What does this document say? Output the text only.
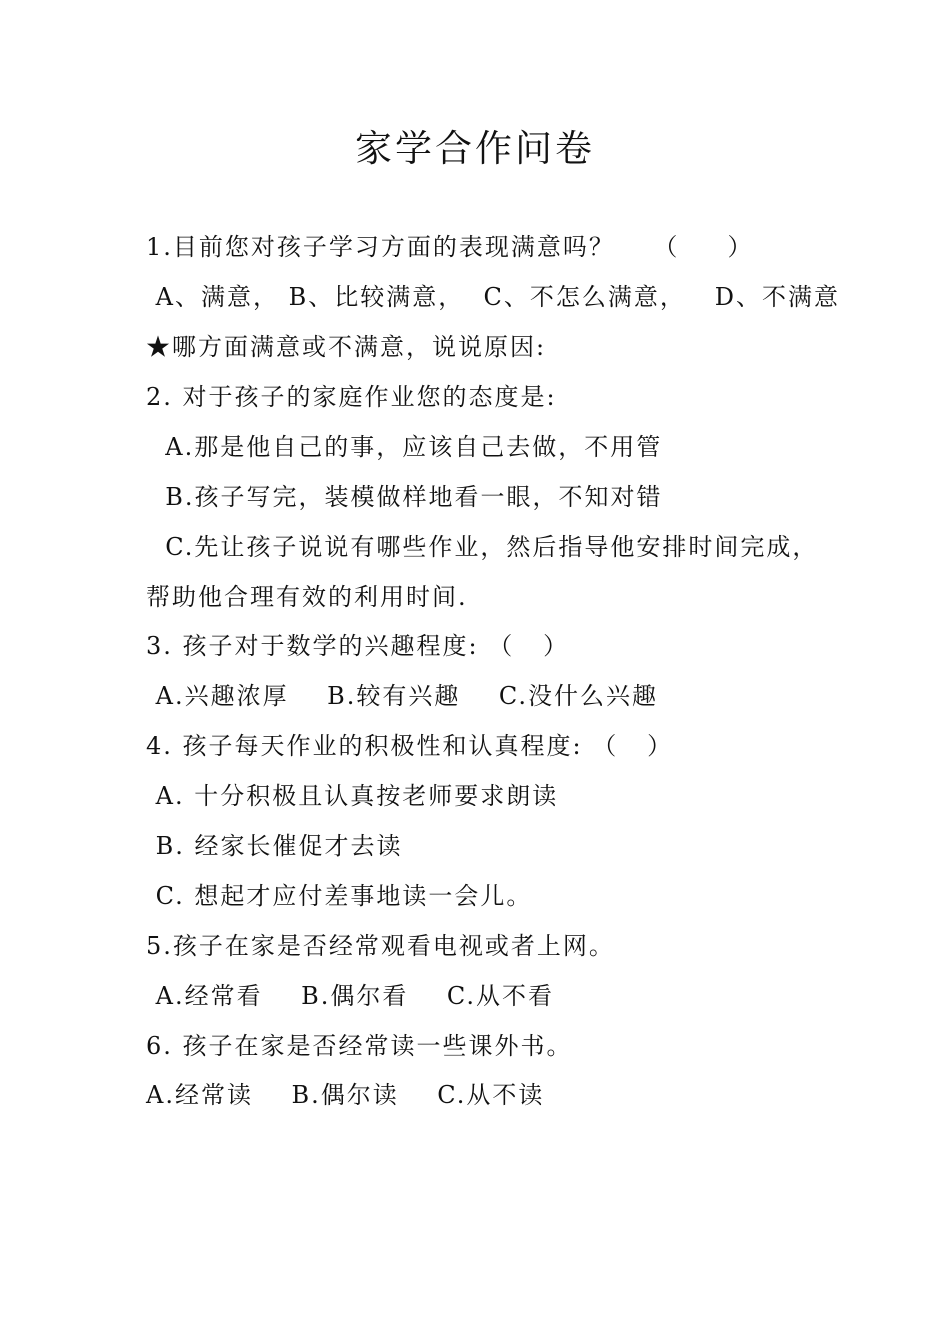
家学合作问卷
1.目前您对孩子学习方面的表现满意吗？    （     ）
A、满意， B、比较满意，  C、不怎么满意，   D、不满意
★哪方面满意或不满意，说说原因:
2. 对于孩子的家庭作业您的态度是:
A.那是他自己的事，应该自己去做，不用管
B.孩子写完，装模做样地看一眼，不知对错
C.先让孩子说说有哪些作业，然后指导他安排时间完成，
帮助他合理有效的利用时间.
3. 孩子对于数学的兴趣程度: （   ）
A.兴趣浓厚    B.较有兴趣    C.没什么兴趣
4. 孩子每天作业的积极性和认真程度: （   ）
A. 十分积极且认真按老师要求朗读
B. 经家长催促才去读
C. 想起才应付差事地读一会儿。
5.孩子在家是否经常观看电视或者上网。
A.经常看    B.偶尔看    C.从不看
6. 孩子在家是否经常读一些课外书。
A.经常读    B.偶尔读    C.从不读
